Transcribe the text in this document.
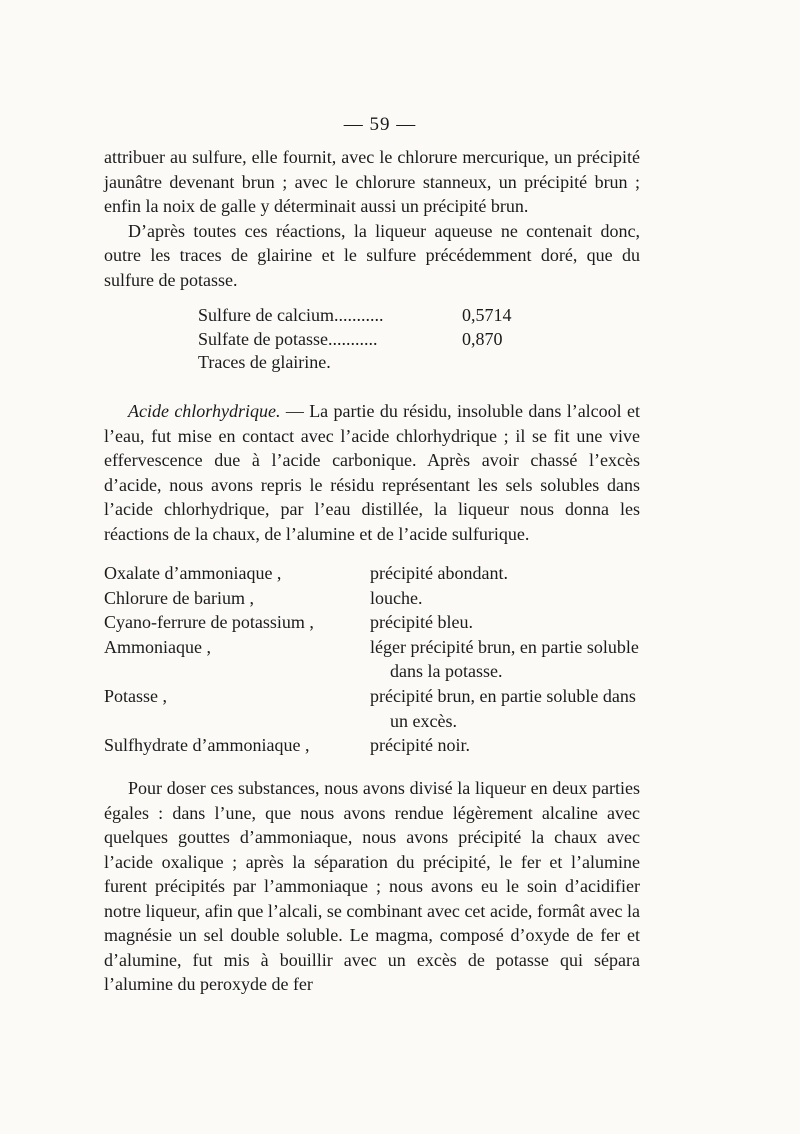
— 59 —

attribuer au sulfure, elle fournit, avec le chlorure mercurique, un précipité jaunâtre devenant brun ; avec le chlorure stanneux, un précipité brun ; enfin la noix de galle y déterminait aussi un précipité brun.

D’après toutes ces réactions, la liqueur aqueuse ne contenait donc, outre les traces de glairine et le sulfure précédemment doré, que du sulfure de potasse.

Sulfure de calcium...........	0,5714
Sulfate de potasse...........	0,870
Traces de glairine.

Acide chlorhydrique. — La partie du résidu, insoluble dans l’alcool et l’eau, fut mise en contact avec l’acide chlorhydrique ; il se fit une vive effervescence due à l’acide carbonique. Après avoir chassé l’excès d’acide, nous avons repris le résidu représentant les sels solubles dans l’acide chlorhydrique, par l’eau distillée, la liqueur nous donna les réactions de la chaux, de l’alumine et de l’acide sulfurique.

Oxalate d’ammoniaque ,	précipité abondant.
Chlorure de barium ,	louche.
Cyano-ferrure de potassium ,	précipité bleu.
Ammoniaque ,	léger précipité brun, en partie soluble
dans la potasse.
Potasse ,	précipité brun, en partie soluble dans
un excès.
Sulfhydrate d’ammoniaque ,	précipité noir.

Pour doser ces substances, nous avons divisé la liqueur en deux parties égales : dans l’une, que nous avons rendue légèrement alcaline avec quelques gouttes d’ammoniaque, nous avons précipité la chaux avec l’acide oxalique ; après la séparation du précipité, le fer et l’alumine furent précipités par l’ammoniaque ; nous avons eu le soin d’acidifier notre liqueur, afin que l’alcali, se combinant avec cet acide, formât avec la magnésie un sel double soluble. Le magma, composé d’oxyde de fer et d’alumine, fut mis à bouillir avec un excès de potasse qui sépara l’alumine du peroxyde de fer
